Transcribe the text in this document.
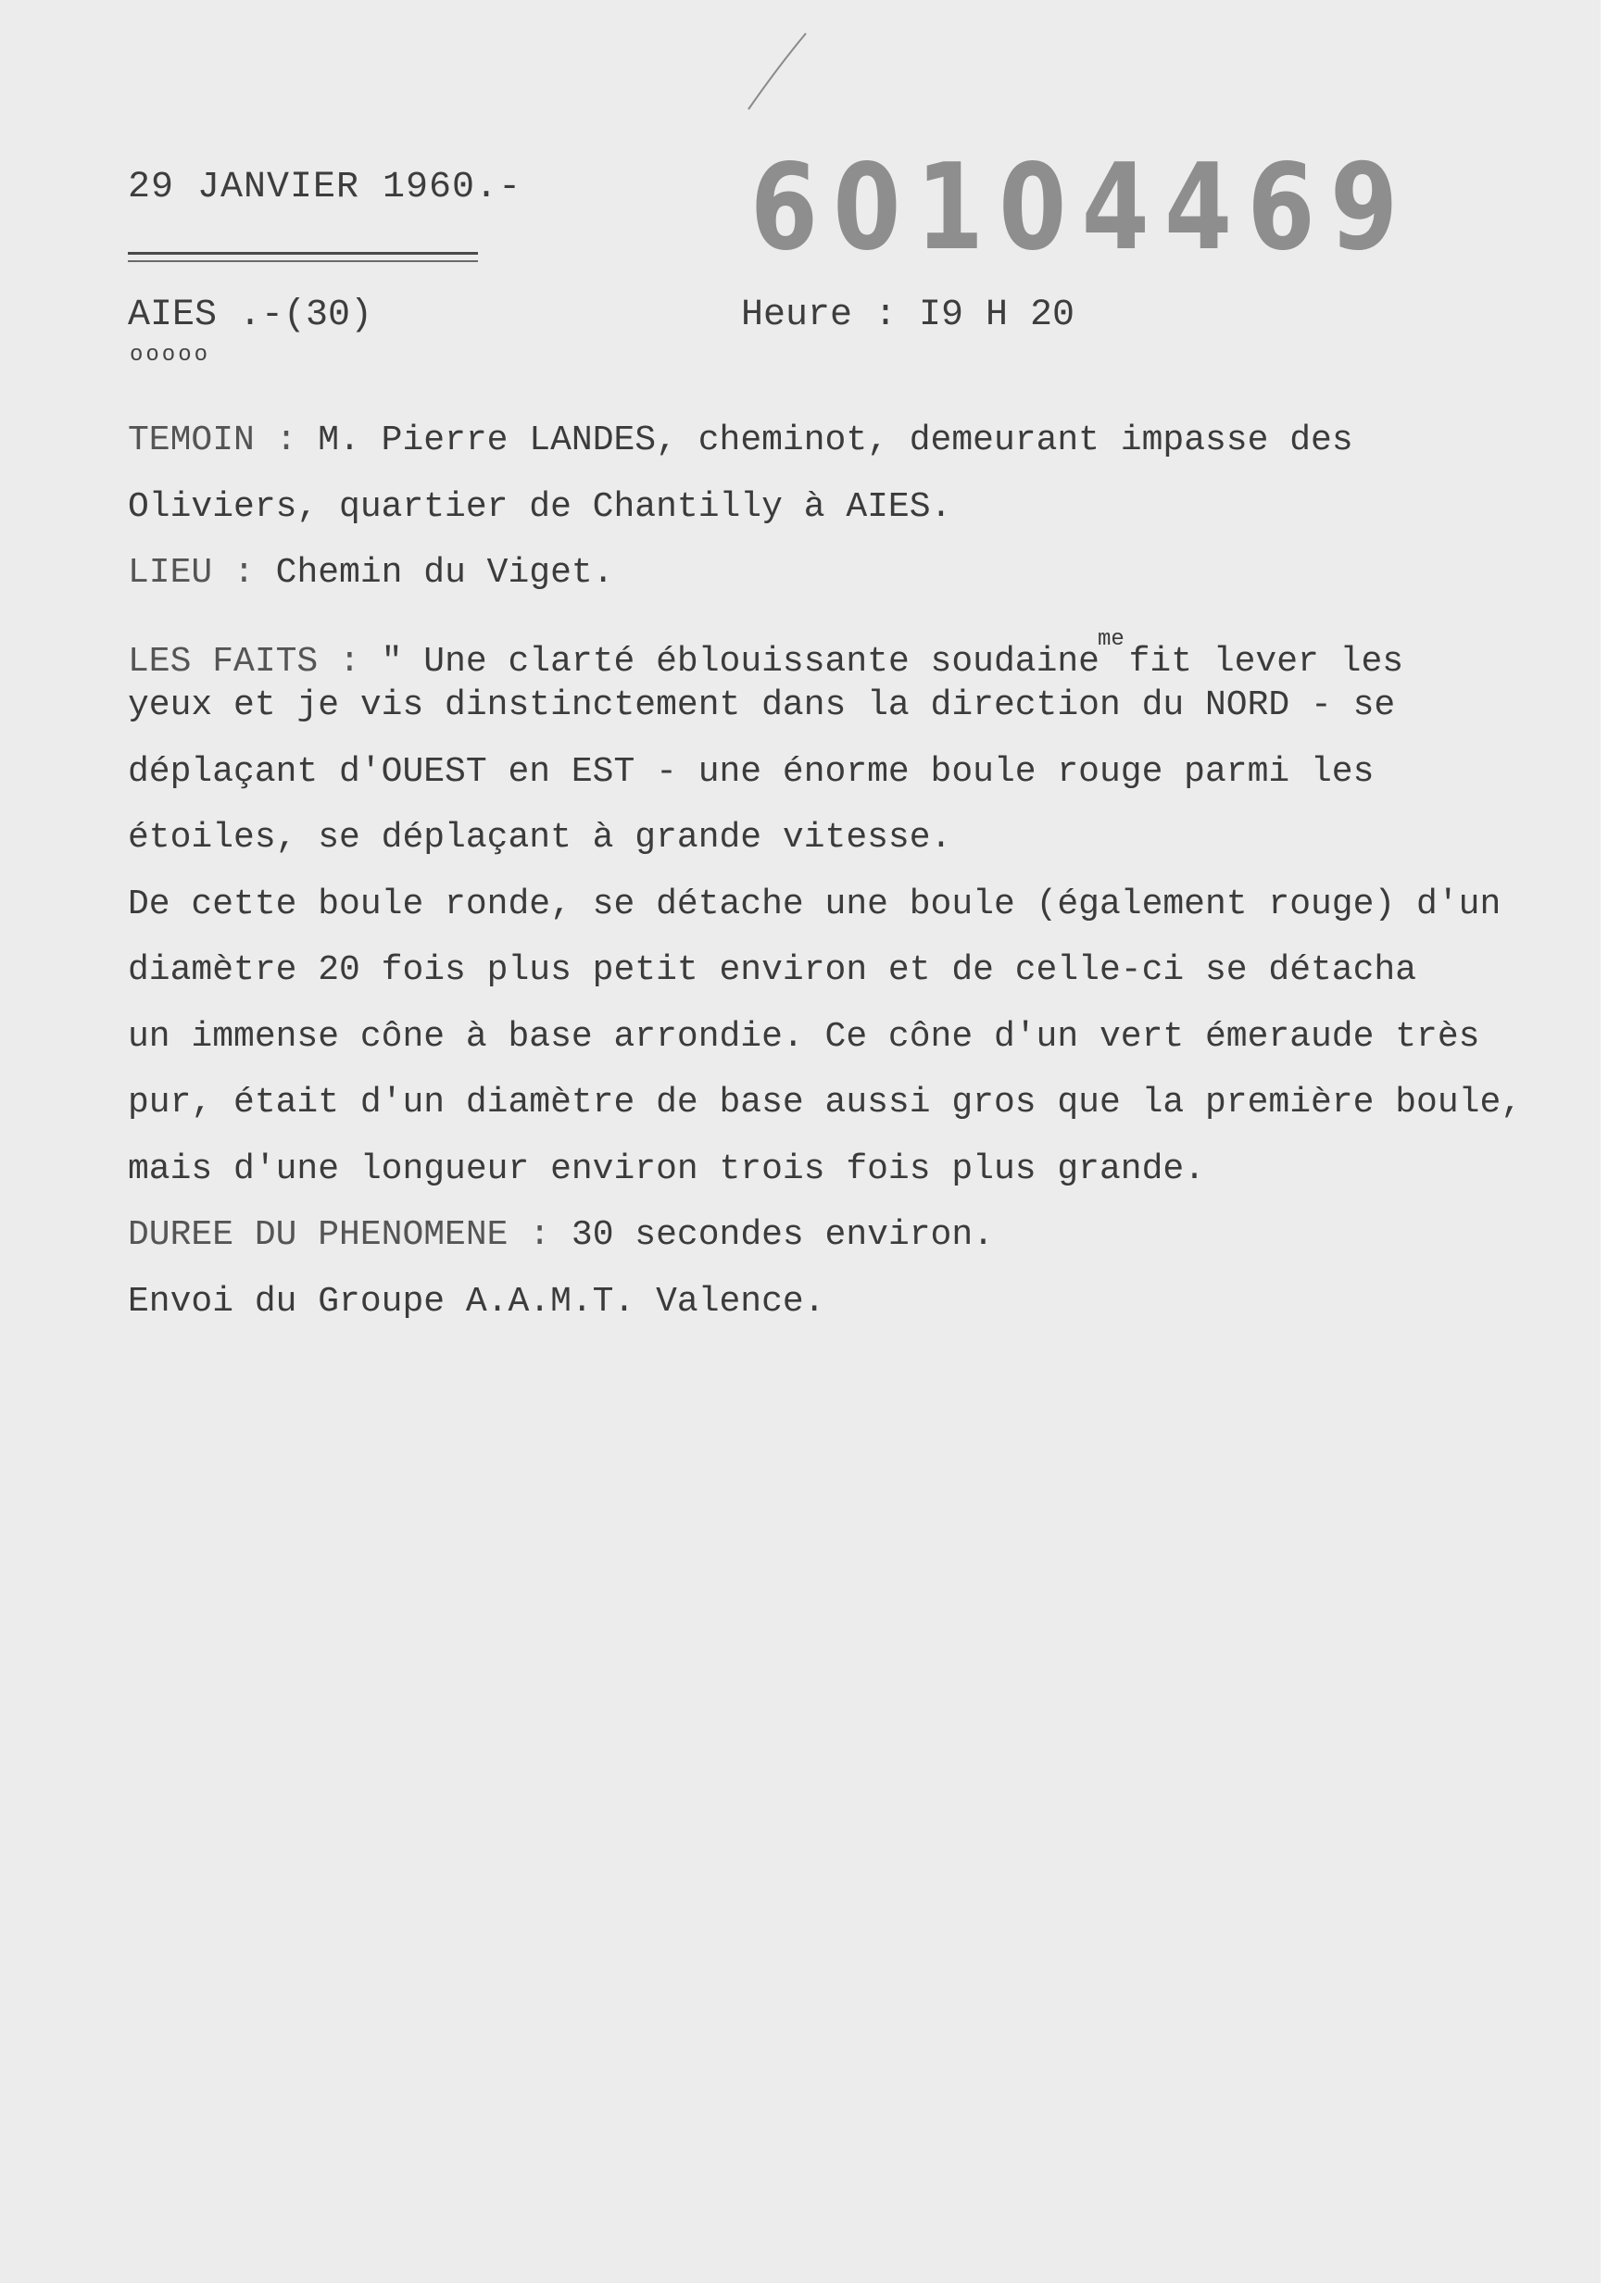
29 JANVIER 1960.- 60104469
AIES .-(30)
ooooo
Heure : I9 H 20
TEMOIN : M. Pierre LANDES, cheminot, demeurant impasse des
Oliviers, quartier de Chantilly à AIES.
LIEU : Chemin du Viget.
LES FAITS : " Une clarté éblouissante soudaine$^{me}$ fit lever les
yeux et je vis dinstinctement dans la direction du NORD - se
déplaçant d'OUEST en EST - une énorme boule rouge parmi les
étoiles, se déplaçant à grande vitesse.
De cette boule ronde, se détache une boule (également rouge) d'un
diamètre 20 fois plus petit environ et de celle-ci se détacha
un immense cône à base arrondie. Ce cône d'un vert émeraude très
pur, était d'un diamètre de base aussi gros que la première boule,
mais d'une longueur environ trois fois plus grande.
DUREE DU PHENOMENE : 30 secondes environ.
Envoi du Groupe A.A.M.T. Valence.
